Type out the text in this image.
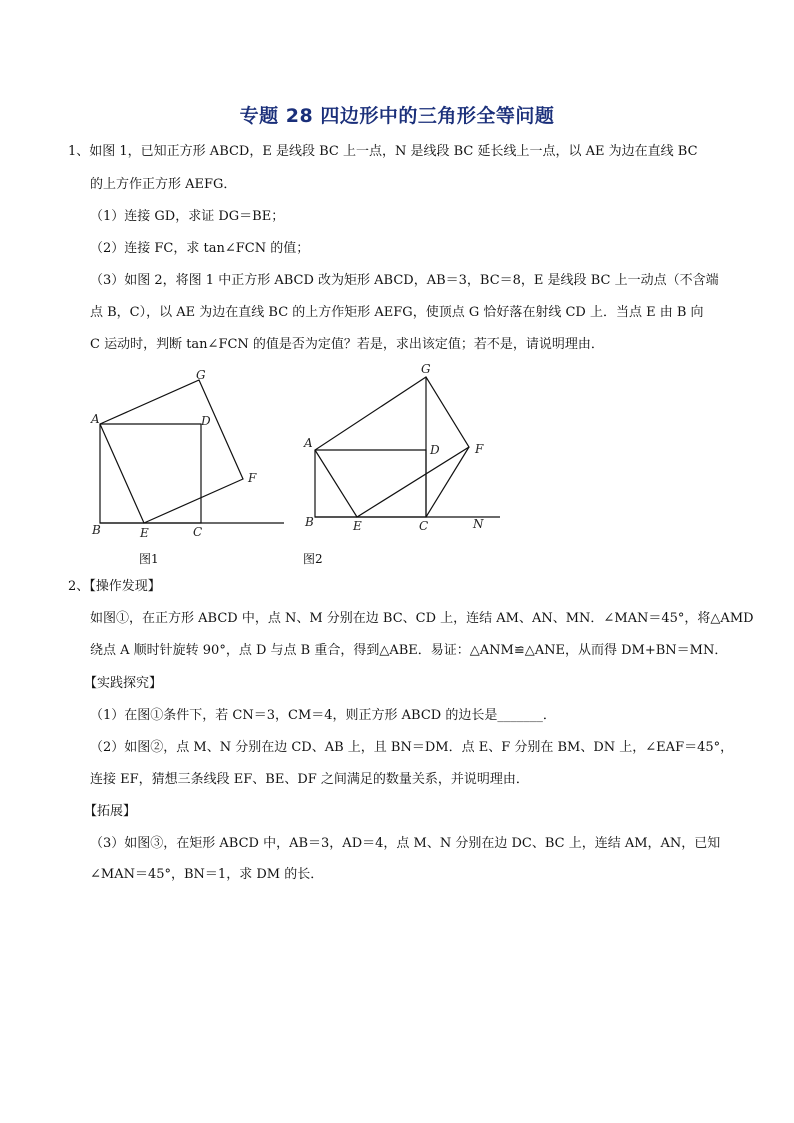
专题 28 四边形中的三角形全等问题
1、如图 1，已知正方形 ABCD，E 是线段 BC 上一点，N 是线段 BC 延长线上一点，以 AE 为边在直线 BC
的上方作正方形 AEFG．
（1）连接 GD，求证 DG＝BE；
（2）连接 FC，求 tan∠FCN 的值；
（3）如图 2，将图 1 中正方形 ABCD 改为矩形 ABCD，AB＝3，BC＝8，E 是线段 BC 上一动点（不含端
点 B，C），以 AE 为边在直线 BC 的上方作矩形 AEFG，使顶点 G 恰好落在射线 CD 上．当点 E 由 B 向
C 运动时，判断 tan∠FCN 的值是否为定值？若是，求出该定值；若不是，请说明理由．
A	D
G
F
B	E	C
图1
G
A	D	F
B	E	C	N
图2
2、【操作发现】
如图①，在正方形 ABCD 中，点 N、M 分别在边 BC、CD 上，连结 AM、AN、MN．∠MAN＝45°，将△AMD
绕点 A 顺时针旋转 90°，点 D 与点 B 重合，得到△ABE．易证：△ANM≌△ANE，从而得 DM+BN＝MN．
【实践探究】
（1）在图①条件下，若 CN＝3，CM＝4，则正方形 ABCD 的边长是_______．
（2）如图②，点 M、N 分别在边 CD、AB 上，且 BN＝DM．点 E、F 分别在 BM、DN 上，∠EAF＝45°，
连接 EF，猜想三条线段 EF、BE、DF 之间满足的数量关系，并说明理由．
【拓展】
（3）如图③，在矩形 ABCD 中，AB＝3，AD＝4，点 M、N 分别在边 DC、BC 上，连结 AM，AN，已知
∠MAN＝45°，BN＝1，求 DM 的长．
